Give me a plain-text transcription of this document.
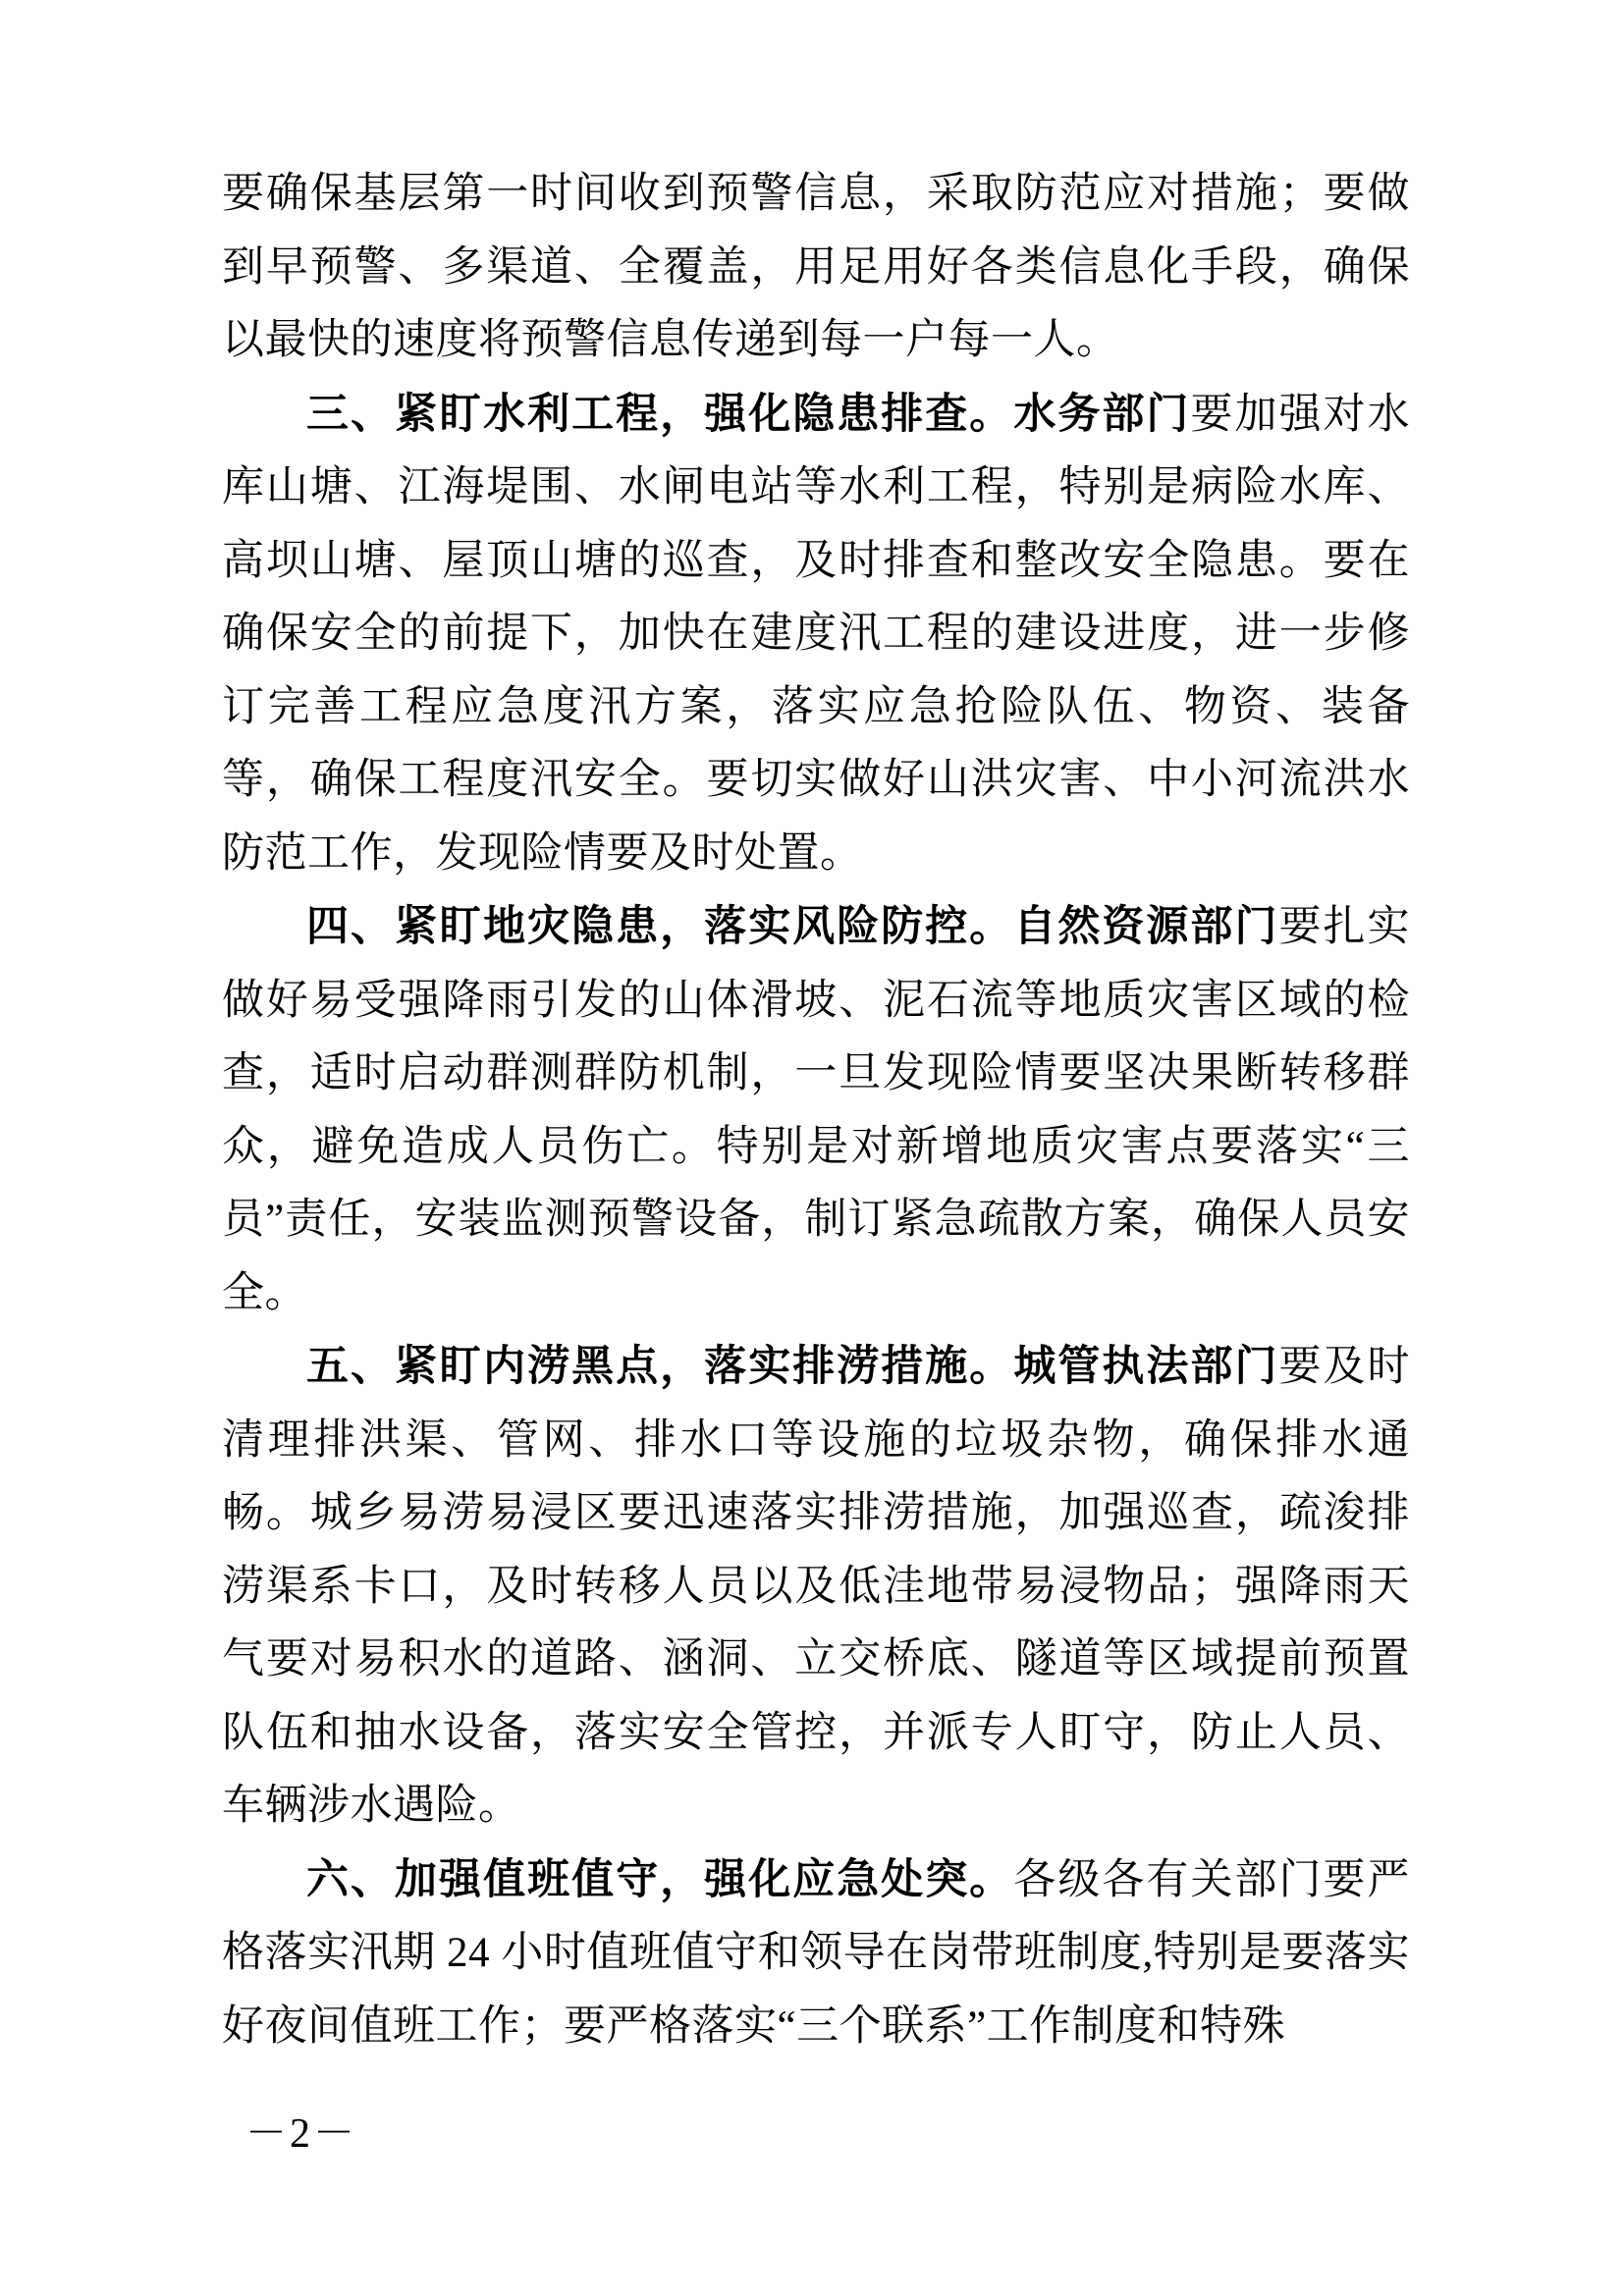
要确保基层第一时间收到预警信息，采取防范应对措施；要做到早预警、多渠道、全覆盖，用足用好各类信息化手段，确保以最快的速度将预警信息传递到每一户每一人。

三、紧盯水利工程，强化隐患排查。水务部门要加强对水库山塘、江海堤围、水闸电站等水利工程，特别是病险水库、高坝山塘、屋顶山塘的巡查，及时排查和整改安全隐患。要在确保安全的前提下，加快在建度汛工程的建设进度，进一步修订完善工程应急度汛方案，落实应急抢险队伍、物资、装备等，确保工程度汛安全。要切实做好山洪灾害、中小河流洪水防范工作，发现险情要及时处置。

四、紧盯地灾隐患，落实风险防控。自然资源部门要扎实做好易受强降雨引发的山体滑坡、泥石流等地质灾害区域的检查，适时启动群测群防机制，一旦发现险情要坚决果断转移群众，避免造成人员伤亡。特别是对新增地质灾害点要落实“三员”责任，安装监测预警设备，制订紧急疏散方案，确保人员安全。

五、紧盯内涝黑点，落实排涝措施。城管执法部门要及时清理排洪渠、管网、排水口等设施的垃圾杂物，确保排水通畅。城乡易涝易浸区要迅速落实排涝措施，加强巡查，疏浚排涝渠系卡口，及时转移人员以及低洼地带易浸物品；强降雨天气要对易积水的道路、涵洞、立交桥底、隧道等区域提前预置队伍和抽水设备，落实安全管控，并派专人盯守，防止人员、车辆涉水遇险。

六、加强值班值守，强化应急处突。各级各有关部门要严格落实汛期 24 小时值班值守和领导在岗带班制度,特别是要落实好夜间值班工作；要严格落实“三个联系”工作制度和特殊

－2－
